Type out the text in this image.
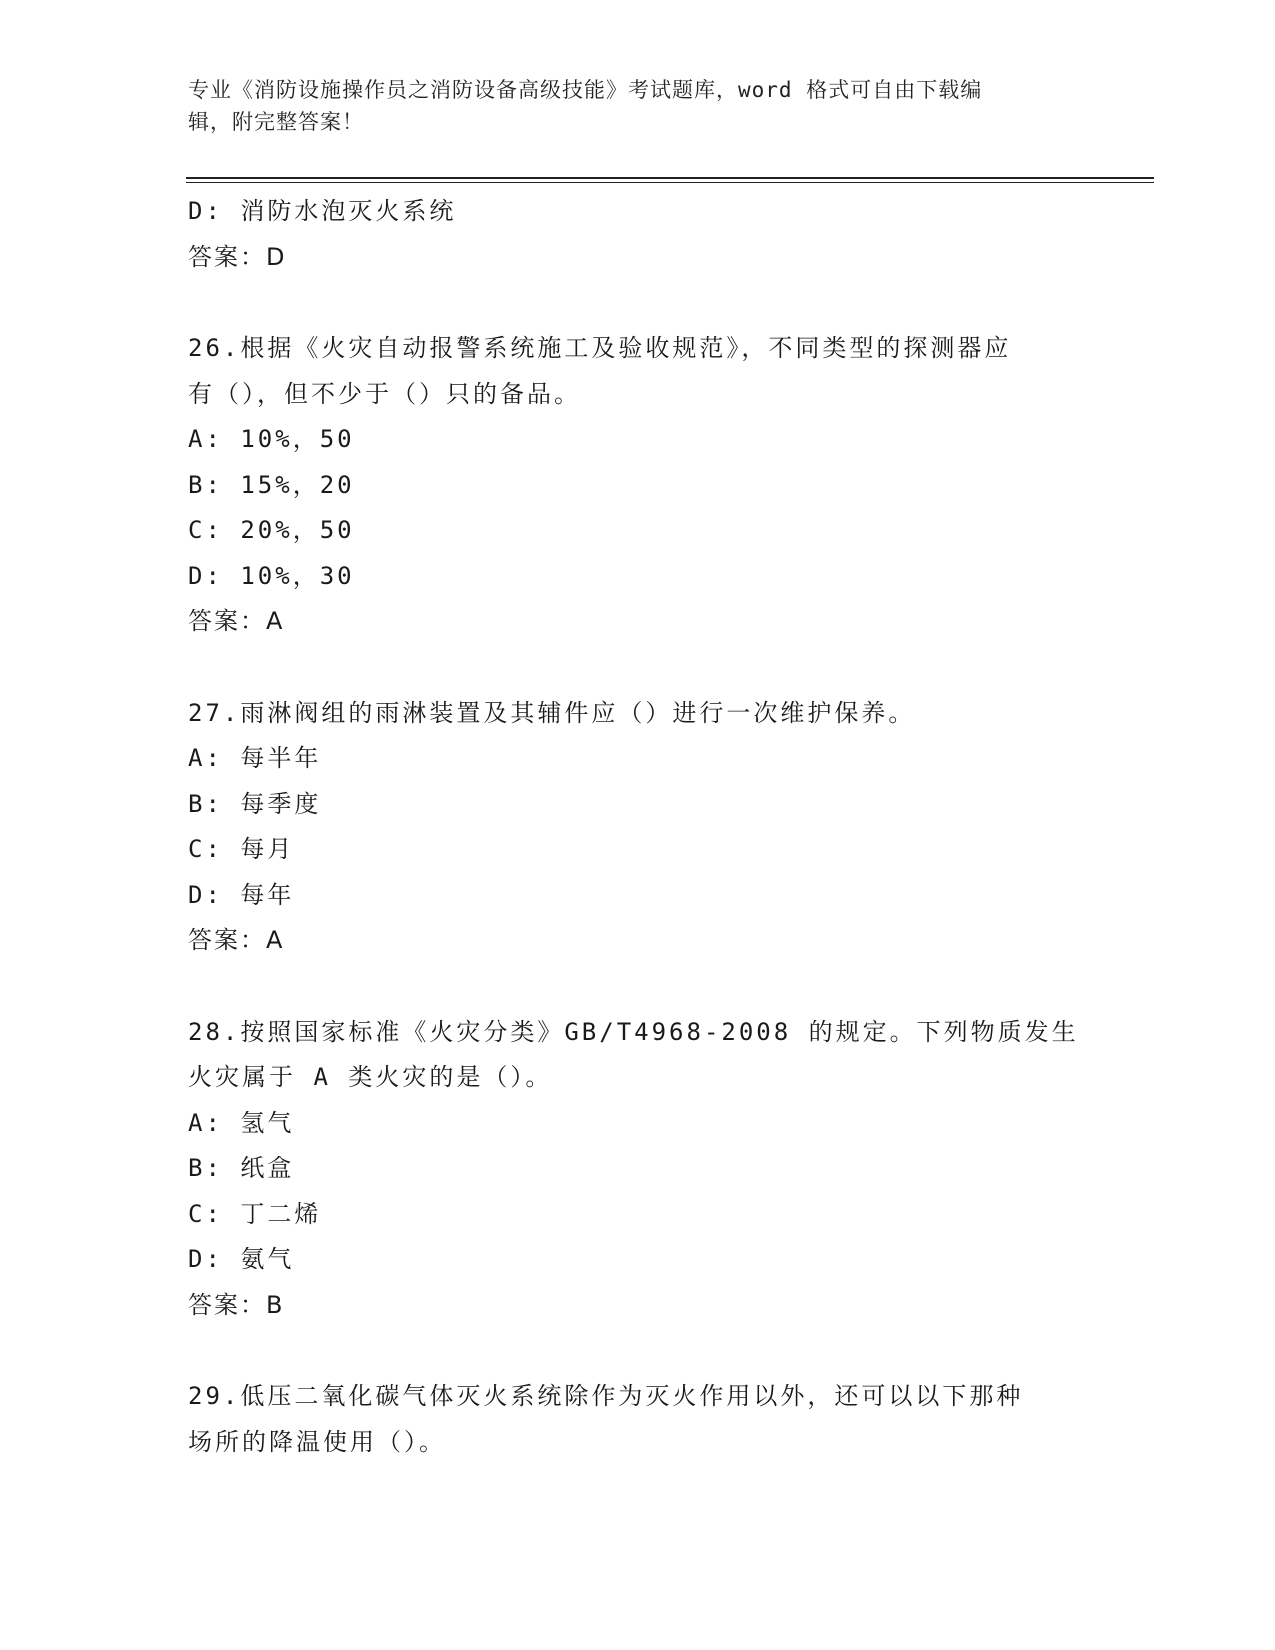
专业《消防设施操作员之消防设备高级技能》考试题库，word 格式可自由下载编
辑，附完整答案！
D: 消防水泡灭火系统
答案：D
26.根据《火灾自动报警系统施工及验收规范》，不同类型的探测器应
有（），但不少于（）只的备品。
A: 10%，50
B: 15%，20
C: 20%，50
D: 10%，30
答案：A
27.雨淋阀组的雨淋装置及其辅件应（）进行一次维护保养。
A: 每半年
B: 每季度
C: 每月
D: 每年
答案：A
28.按照国家标准《火灾分类》GB/T4968-2008 的规定。下列物质发生
火灾属于 A 类火灾的是（）。
A: 氢气
B: 纸盒
C: 丁二烯
D: 氨气
答案：B
29.低压二氧化碳气体灭火系统除作为灭火作用以外，还可以以下那种
场所的降温使用（）。
